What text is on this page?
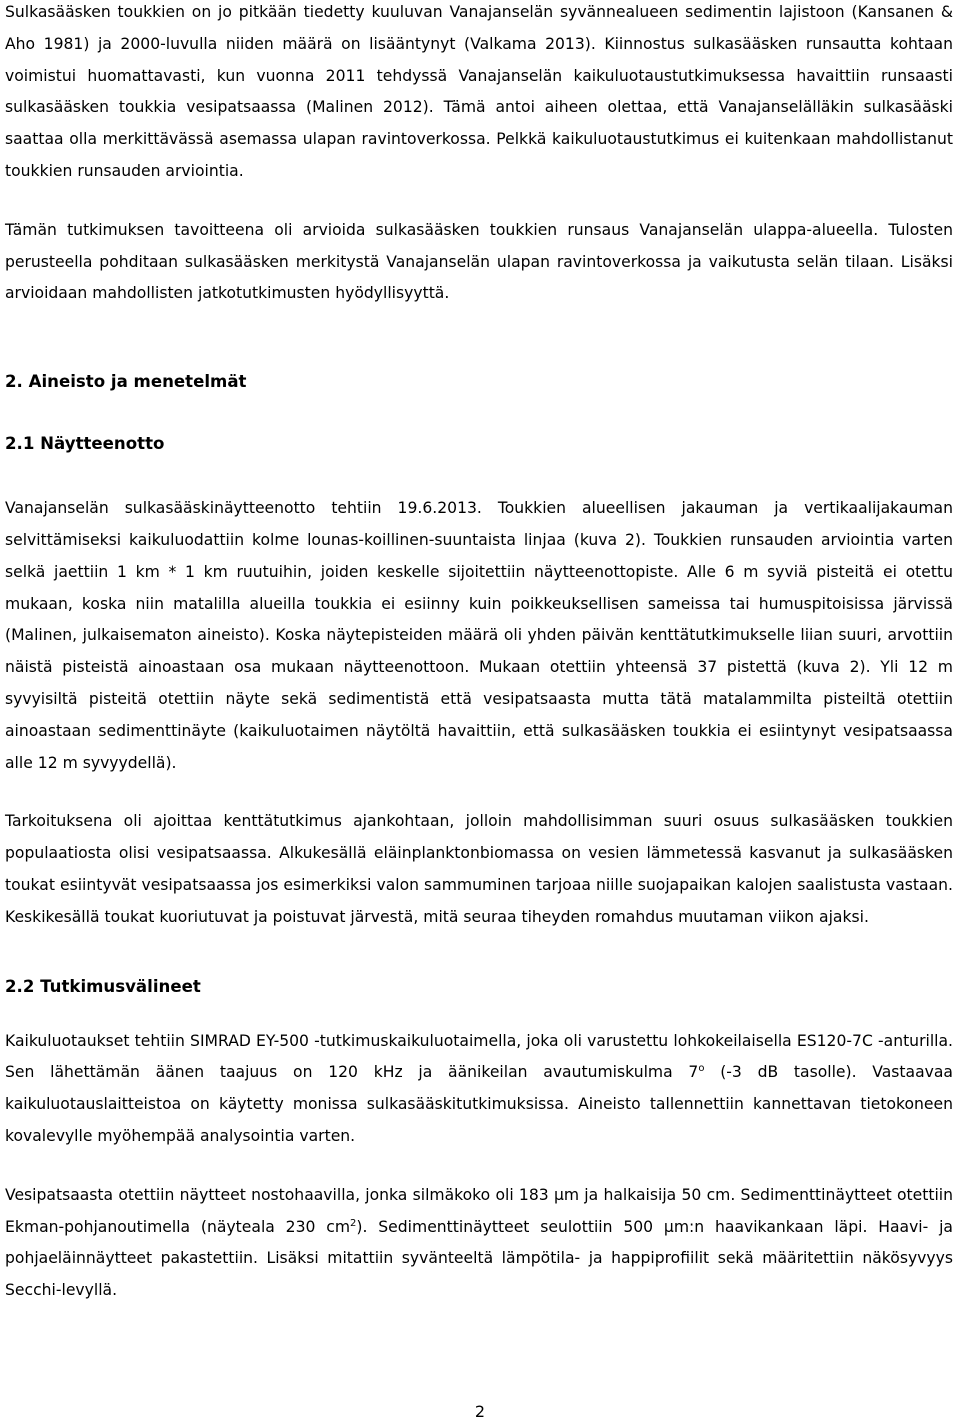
Sulkasääsken toukkien on jo pitkään tiedetty kuuluvan Vanajanselän syvännealueen sedimentin lajistoon (Kansanen & Aho 1981) ja 2000-luvulla niiden määrä on lisääntynyt (Valkama 2013). Kiinnostus sulkasääsken runsautta kohtaan voimistui huomattavasti, kun vuonna 2011 tehdyssä Vanajanselän kaikuluotaustutkimuksessa havaittiin runsaasti sulkasääsken toukkia vesipatsaassa (Malinen 2012). Tämä antoi aiheen olettaa, että Vanajanselälläkin sulkasääski saattaa olla merkittävässä asemassa ulapan ravintoverkossa. Pelkkä kaikuluotaustutkimus ei kuitenkaan mahdollistanut toukkien runsauden arviointia.

Tämän tutkimuksen tavoitteena oli arvioida sulkasääsken toukkien runsaus Vanajanselän ulappa-alueella. Tulosten perusteella pohditaan sulkasääsken merkitystä Vanajanselän ulapan ravintoverkossa ja vaikutusta selän tilaan. Lisäksi arvioidaan mahdollisten jatkotutkimusten hyödyllisyyttä.

2. Aineisto ja menetelmät
2.1 Näytteenotto

Vanajanselän sulkasääskinäytteenotto tehtiin 19.6.2013. Toukkien alueellisen jakauman ja vertikaalijakauman selvittämiseksi kaikuluodattiin kolme lounas-koillinen-suuntaista linjaa (kuva 2). Toukkien runsauden arviointia varten selkä jaettiin 1 km * 1 km ruutuihin, joiden keskelle sijoitettiin näytteenottopiste. Alle 6 m syviä pisteitä ei otettu mukaan, koska niin matalilla alueilla toukkia ei esiinny kuin poikkeuksellisen sameissa tai humuspitoisissa järvissä (Malinen, julkaisematon aineisto). Koska näytepisteiden määrä oli yhden päivän kenttätutkimukselle liian suuri, arvottiin näistä pisteistä ainoastaan osa mukaan näytteenottoon. Mukaan otettiin yhteensä 37 pistettä (kuva 2). Yli 12 m syvyisiltä pisteitä otettiin näyte sekä sedimentistä että vesipatsaasta mutta tätä matalammilta pisteiltä otettiin ainoastaan sedimenttinäyte (kaikuluotaimen näytöltä havaittiin, että sulkasääsken toukkia ei esiintynyt vesipatsaassa alle 12 m syvyydellä).

Tarkoituksena oli ajoittaa kenttätutkimus ajankohtaan, jolloin mahdollisimman suuri osuus sulkasääsken toukkien populaatiosta olisi vesipatsaassa. Alkukesällä eläinplanktonbiomassa on vesien lämmetessä kasvanut ja sulkasääsken toukat esiintyvät vesipatsaassa jos esimerkiksi valon sammuminen tarjoaa niille suojapaikan kalojen saalistusta vastaan. Keskikesällä toukat kuoriutuvat ja poistuvat järvestä, mitä seuraa tiheyden romahdus muutaman viikon ajaksi.

2.2 Tutkimusvälineet

Kaikuluotaukset tehtiin SIMRAD EY-500 -tutkimuskaikuluotaimella, joka oli varustettu lohkokeilaisella ES120-7C -anturilla. Sen lähettämän äänen taajuus on 120 kHz ja äänikeilan avautumiskulma 7$^o$ (-3 dB tasolle). Vastaavaa kaikuluotauslaitteistoa on käytetty monissa sulkasääskitutkimuksissa. Aineisto tallennettiin kannettavan tietokoneen kovalevylle myöhempää analysointia varten.

Vesipatsaasta otettiin näytteet nostohaavilla, jonka silmäkoko oli 183 µm ja halkaisija 50 cm. Sedimenttinäytteet otettiin Ekman-pohjanoutimella (näyteala 230 $cm^2$). Sedimenttinäytteet seulottiin 500 µm:n haavikankaan läpi. Haavi- ja pohjaeläinnäytteet pakastettiin. Lisäksi mitattiin syvänteeltä lämpötila- ja happiprofiilit sekä määritettiin näkösyvyys Secchi-levyllä.

2
